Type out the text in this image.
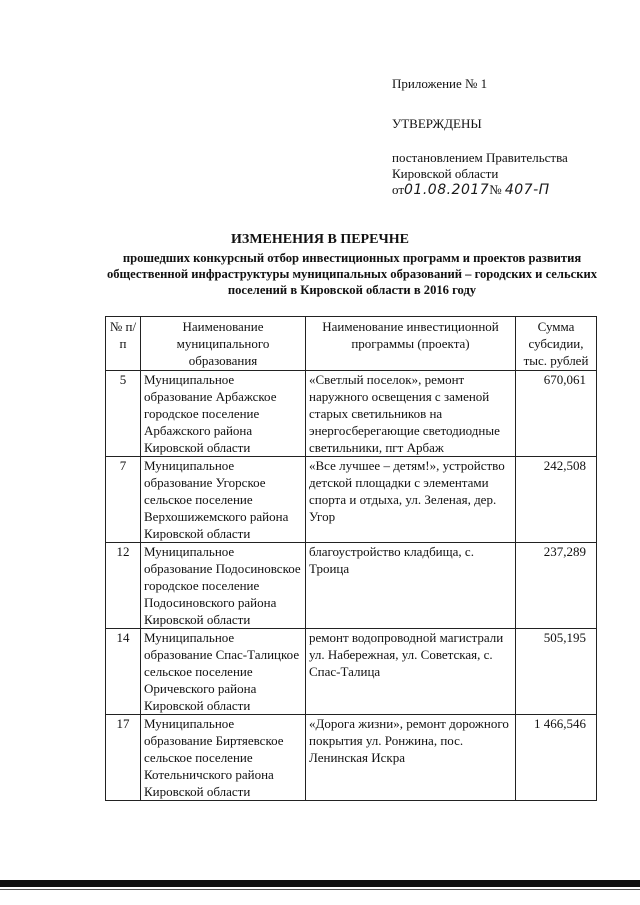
Приложение № 1
УТВЕРЖДЕНЫ
постановлением Правительства
Кировской области
от01.08.2017№ 407-П
ИЗМЕНЕНИЯ В ПЕРЕЧНЕ
прошедших конкурсный отбор инвестиционных программ и проектов развития общественной инфраструктуры муниципальных образований – городских и сельских поселений в Кировской области в 2016 году
№ п/п	Наименование муниципального образования	Наименование инвестиционной программы (проекта)	Сумма субсидии, тыс. рублей
5	Муниципальное образование Арбажское городское поселение Арбажского района Кировской области	«Светлый поселок», ремонт наружного освещения с заменой старых светильников на энергосберегающие светодиодные светильники, пгт Арбаж	670,061
7	Муниципальное образование Угорское сельское поселение Верхошижемского района Кировской области	«Все лучшее – детям!», устройство детской площадки с элементами спорта и отдыха, ул. Зеленая, дер. Угор	242,508
12	Муниципальное образование Подосиновское городское поселение Подосиновского района Кировской области	благоустройство кладбища, с. Троица	237,289
14	Муниципальное образование Спас-Талицкое сельское поселение Оричевского района Кировской области	ремонт водопроводной магистрали ул. Набережная, ул. Советская, с. Спас-Талица	505,195
17	Муниципальное образование Биртяевское сельское поселение Котельничского района Кировской области	«Дорога жизни», ремонт дорожного покрытия ул. Ронжина, пос. Ленинская Искра	1 466,546
